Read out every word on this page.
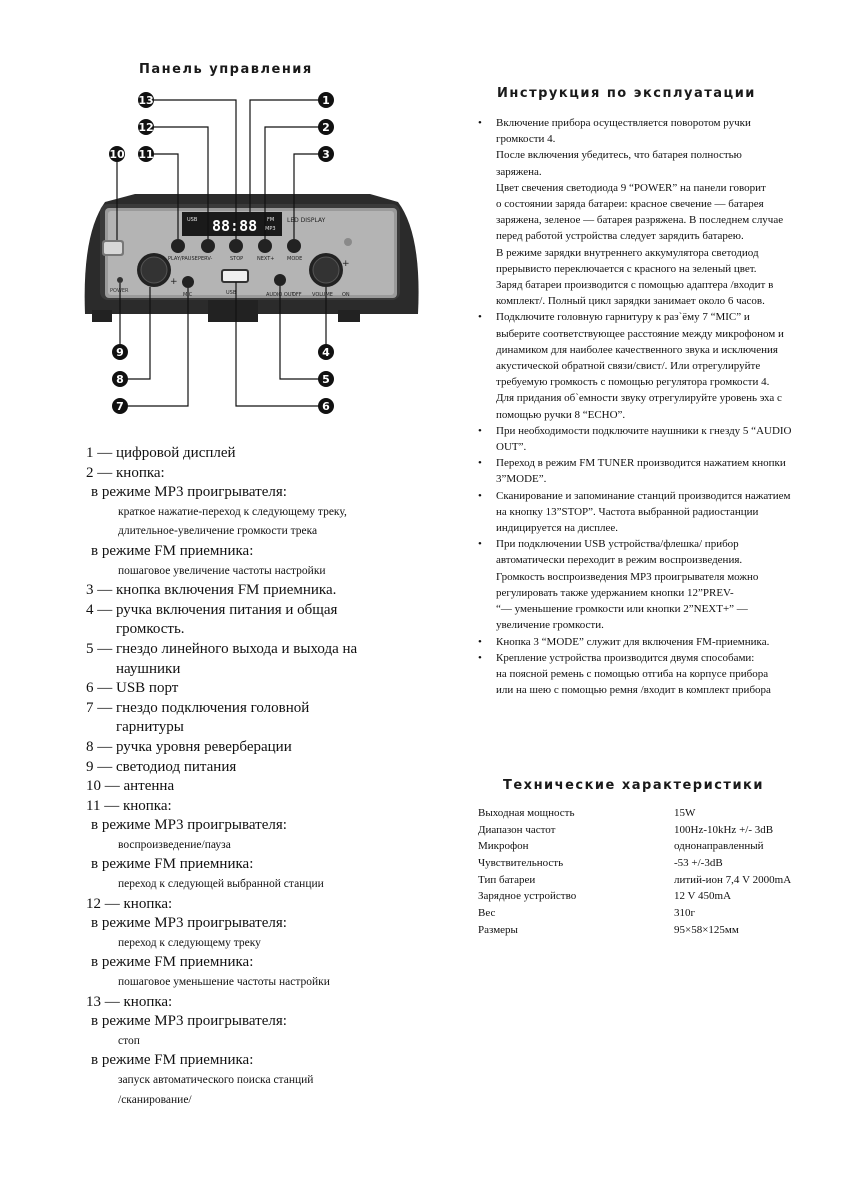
Панель управления
USB 88:88 FM
MP3
LED DISPLAY
POWER
+
PLAY/PAUSE PERV-	STOP	NEXT+	MODE
MIC	USB	AUDIO OUT
OFF
+
VOLUME ON
13
12
11
10
1
2
3
9
8
7
4
5
6
1 — цифровой дисплей
2 — кнопка:
в режиме МР3 проигрывателя:
краткое нажатие-переход к следующему треку,
длительное-увеличение громкости трека
в режиме FM приемника:
пошаговое увеличение частоты настройки
3 — кнопка включения FM приемника.
4 — ручка включения питания и общая
громкость.
5 — гнездо линейного выхода и выхода на
наушники
6 — USB порт
7 — гнездо подключения головной
гарнитуры
8 — ручка уровня реверберации
9 — светодиод питания
10 — антенна
11 — кнопка:
в режиме МР3 проигрывателя:
воспроизведение/пауза
в режиме FM приемника:
переход к следующей выбранной станции
12 — кнопка:
в режиме МР3 проигрывателя:
переход к следующему треку
в режиме FM приемника:
пошаговое уменьшение частоты настройки
13 — кнопка:
в режиме МР3 проигрывателя:
стоп
в режиме FM приемника:
запуск автоматического поиска станций
/сканирование/
Инструкция по эксплуатации
• Включение прибора осуществляется поворотом ручки
громкости 4.
После включения убедитесь, что батарея полностью
заряжена.
Цвет свечения светодиода 9 “POWER” на панели говорит
о состоянии заряда батареи: красное свечение — батарея
заряжена, зеленое — батарея разряжена. В последнем случае
перед работой устройства следует зарядить батарею.
В режиме зарядки внутреннего аккумулятора светодиод
прерывисто переключается с красного на зеленый цвет.
Заряд батареи производится с помощью адаптера /входит в
комплект/. Полный цикл зарядки занимает около 6 часов.
• Подключите головную гарнитуру к раз`ёму 7 “MIC” и
выберите соответствующее расстояние между микрофоном и
динамиком для наиболее качественного звука и исключения
акустической обратной связи/свист/. Или отрегулируйте
требуемую громкость с помощью регулятора громкости 4.
Для придания об`емности звуку отрегулируйте уровень эха с
помощью ручки 8 “ECHO”.
• При необходимости подключите наушники к гнезду 5 “AUDIO
OUT”.
• Переход в режим FM TUNER производится нажатием кнопки
3”MODE”.
• Сканирование и запоминание станций производится нажатием
на кнопку 13”STOP”. Частота выбранной радиостанции
индицируется на дисплее.
• При подключении USB устройства/флешка/ прибор
автоматически переходит в режим воспроизведения.
Громкость воспроизведения МР3 проигрывателя можно
регулировать также удержанием кнопки 12”PREV-
“— уменьшение громкости или кнопки 2”NEXT+” —
увеличение громкости.
• Кнопка 3 “MODE” служит для включения FM-приемника.
• Крепление устройства производится двумя способами:
на поясной ремень с помощью отгиба на корпусе прибора
или на шею с помощью ремня /входит в комплект прибора
Технические характеристики
Выходная мощность	15W
Диапазон частот	100Hz-10kHz +/- 3dB
Микрофон	однонаправленный
Чувствительность	-53 +/-3dB
Тип батареи	литий-ион 7,4 V 2000mA
Зарядное устройство	12 V 450mA
Вес	310г
Размеры	95×58×125мм
